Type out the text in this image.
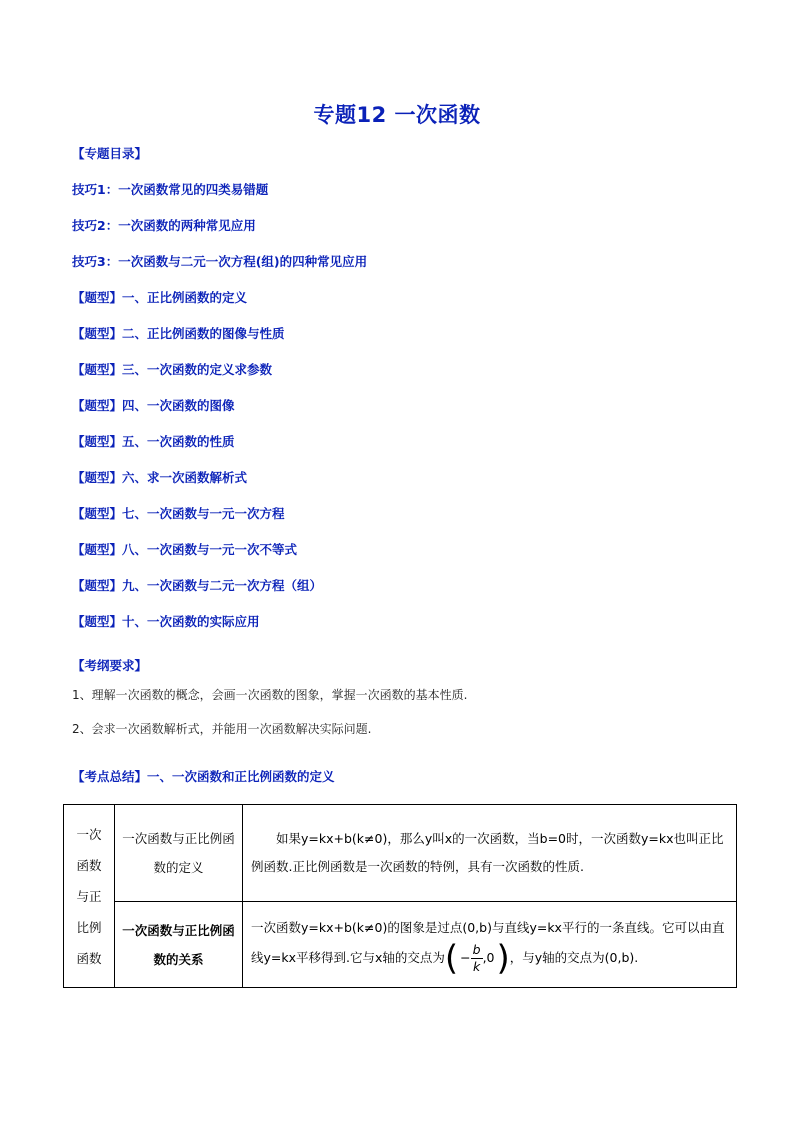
专题12 一次函数
【专题目录】
技巧1：一次函数常见的四类易错题
技巧2：一次函数的两种常见应用
技巧3：一次函数与二元一次方程(组)的四种常见应用
【题型】一、正比例函数的定义
【题型】二、正比例函数的图像与性质
【题型】三、一次函数的定义求参数
【题型】四、一次函数的图像
【题型】五、一次函数的性质
【题型】六、求一次函数解析式
【题型】七、一次函数与一元一次方程
【题型】八、一次函数与一元一次不等式
【题型】九、一次函数与二元一次方程（组）
【题型】十、一次函数的实际应用
【考纲要求】
1、理解一次函数的概念，会画一次函数的图象，掌握一次函数的基本性质.
2、会求一次函数解析式，并能用一次函数解决实际问题.
【考点总结】一、一次函数和正比例函数的定义
一次
函数
与正
比例
函数	一次函数与正比例函数的定义	如果y=kx+b(k≠0)，那么y叫x的一次函数，当b=0时，一次函数y=kx也叫正比例函数.正比例函数是一次函数的特例，具有一次函数的性质.

	一次函数与正比例函数的关系	一次函数y=kx+b(k≠0)的图象是过点(0,b)与直线y=kx平行的一条直线。它可以由直线y=kx平移得到.它与x轴的交点为( − $\frac{b}{k} ,0$)，与y轴的交点为(0,b).
